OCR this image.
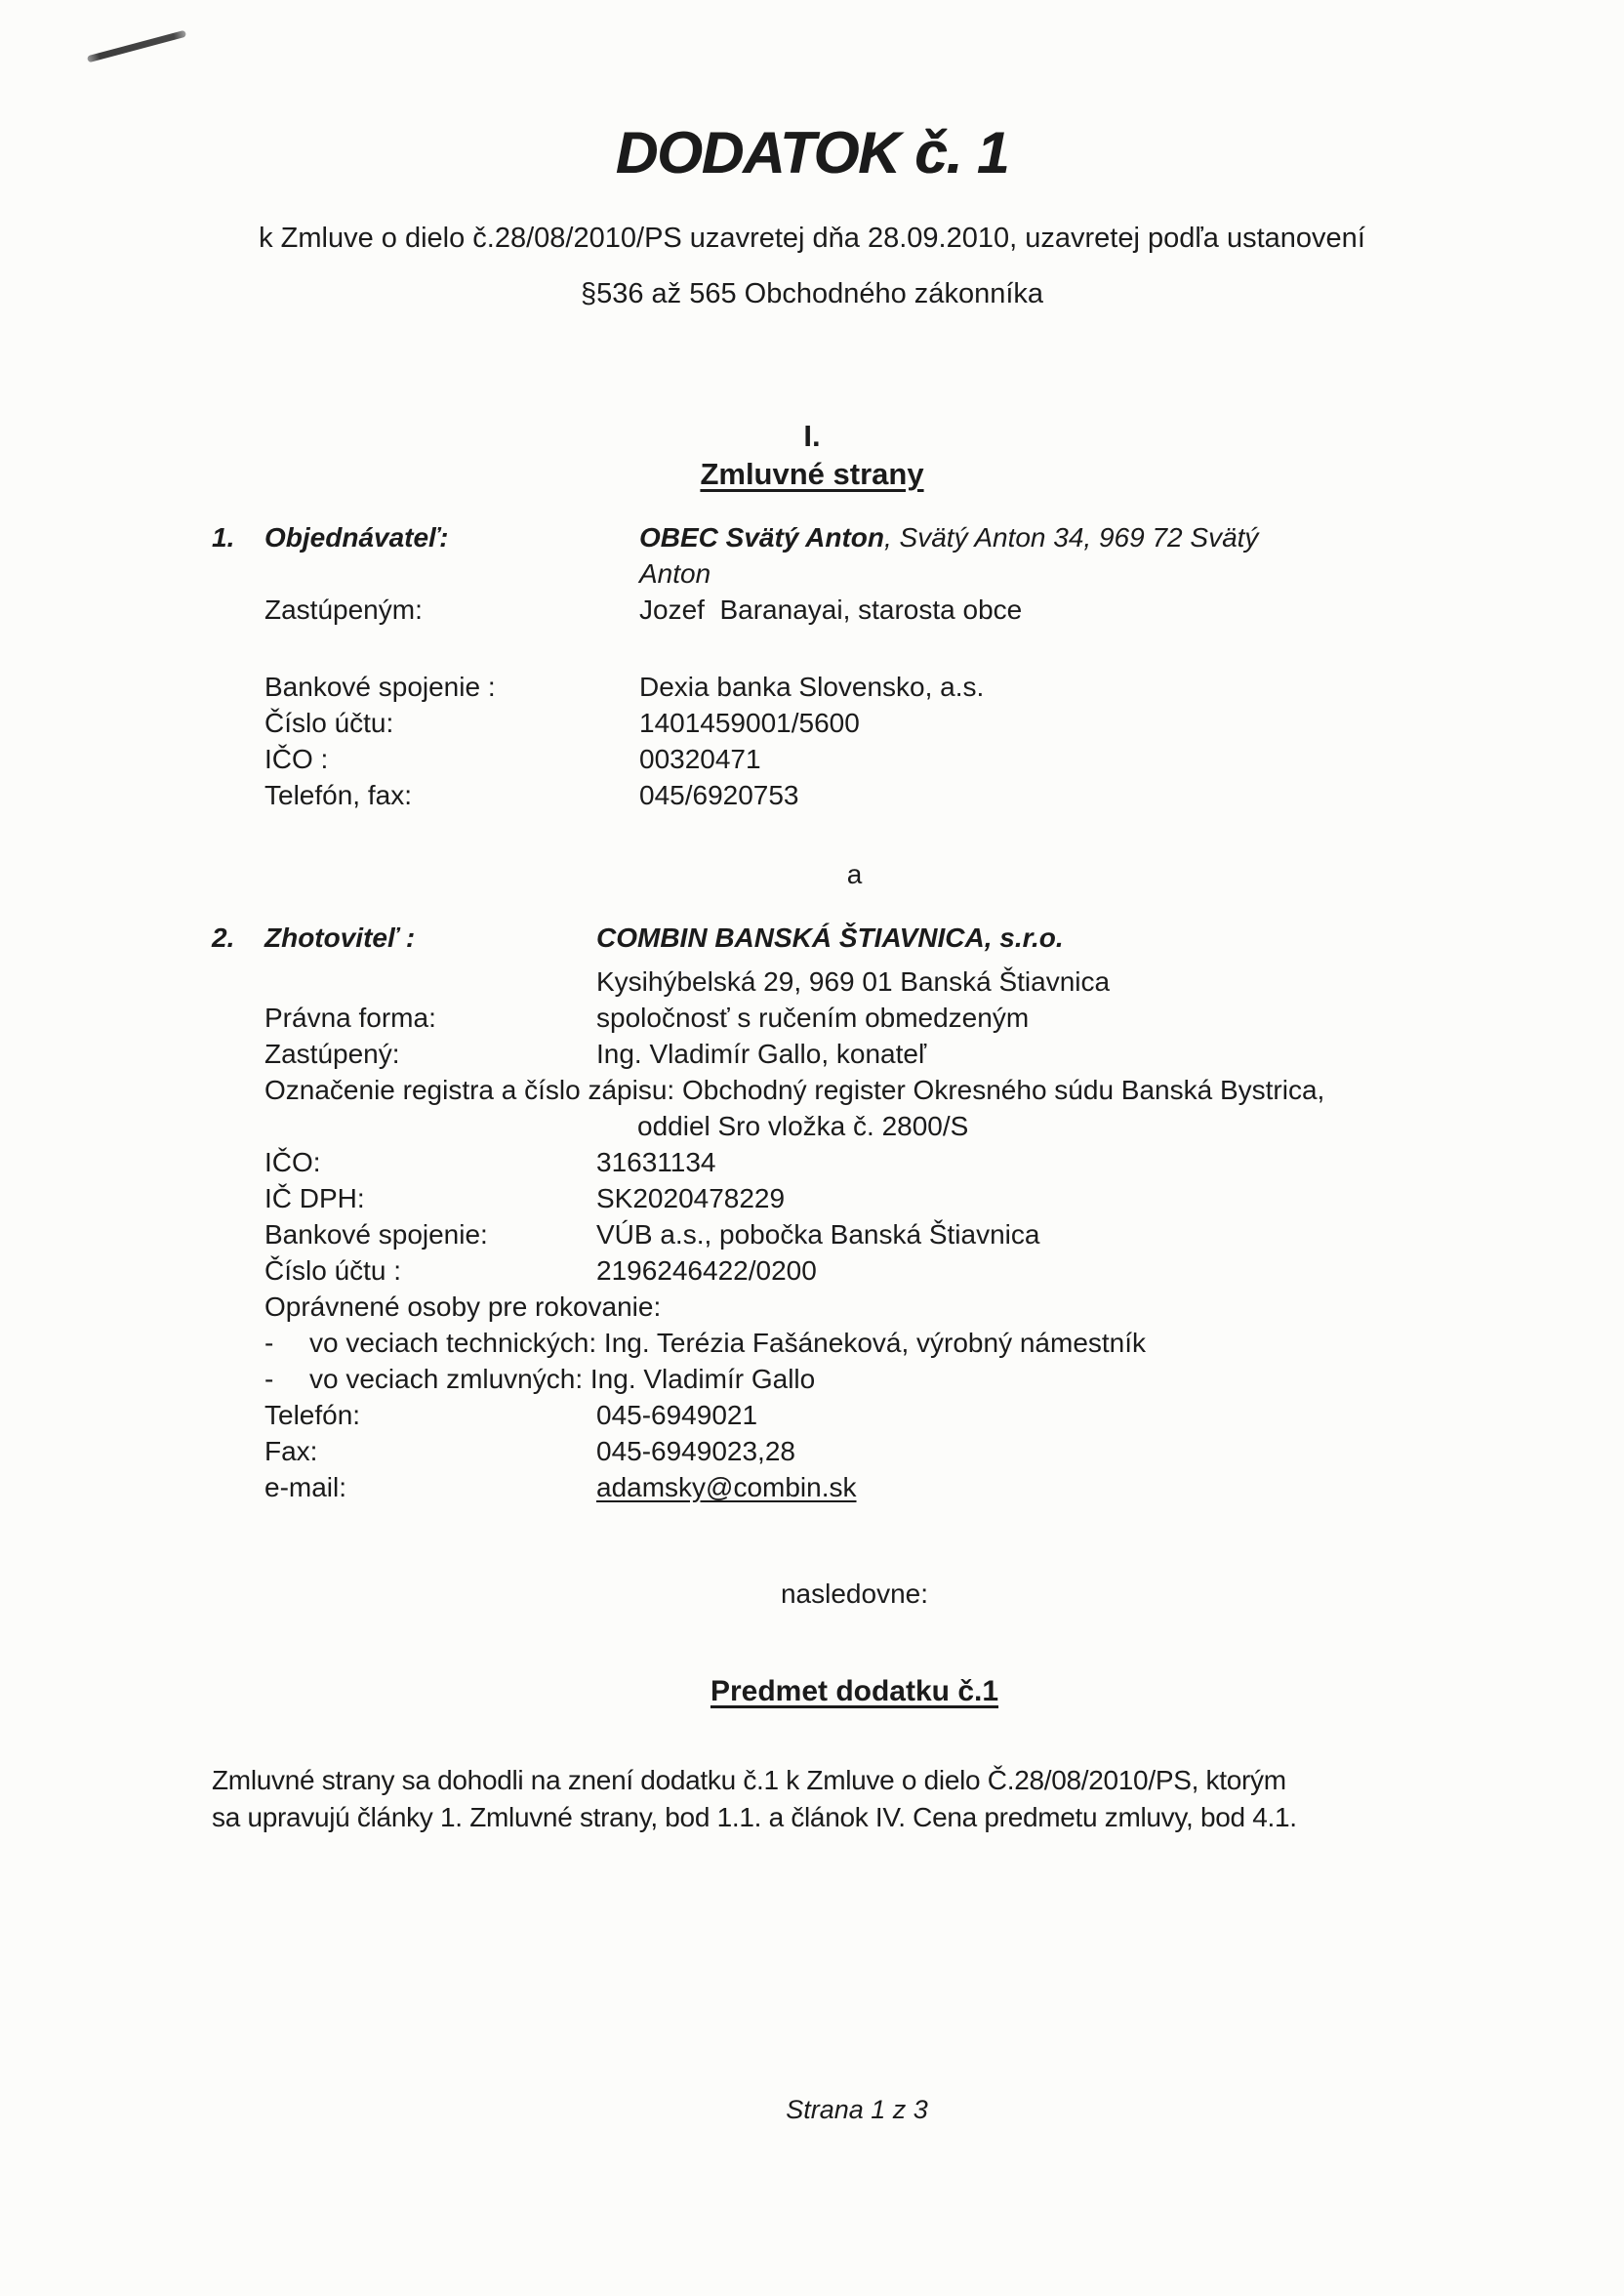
DODATOK č. 1

k Zmluve o dielo č.28/08/2010/PS uzavretej dňa 28.09.2010, uzavretej podľa ustanovení

§536 až 565 Obchodného zákonníka

I.
Zmluvné strany
1.	Objednávateľ:	OBEC Svätý Anton, Svätý Anton 34, 969 72 Svätý
Anton
Zastúpeným:	Jozef  Baranayai, starosta obce
Bankové spojenie :	Dexia banka Slovensko, a.s.
Číslo účtu:	1401459001/5600
IČO :	00320471
Telefón, fax:	045/6920753
a
2.	Zhotoviteľ :	COMBIN BANSKÁ ŠTIAVNICA, s.r.o.
Kysihýbelská 29, 969 01 Banská Štiavnica
Právna forma:	spoločnosť s ručením obmedzeným
Zastúpený:	Ing. Vladimír Gallo, konateľ
Označenie registra a číslo zápisu: Obchodný register Okresného súdu Banská Bystrica,
oddiel Sro vložka č. 2800/S
IČO:	31631134
IČ DPH:	SK2020478229
Bankové spojenie:	VÚB a.s., pobočka Banská Štiavnica
Číslo účtu :	2196246422/0200
Oprávnené osoby pre rokovanie:
-	vo veciach technických: Ing. Terézia Fašáneková, výrobný námestník
-	vo veciach zmluvných: Ing. Vladimír Gallo
Telefón:	045-6949021
Fax:	045-6949023,28
e-mail:	adamsky@combin.sk
nasledovne:
Predmet dodatku č.1
Zmluvné strany sa dohodli na znení dodatku č.1 k Zmluve o dielo Č.28/08/2010/PS, ktorým
sa upravujú články 1. Zmluvné strany, bod 1.1. a článok IV. Cena predmetu zmluvy, bod 4.1.
Strana 1 z 3
